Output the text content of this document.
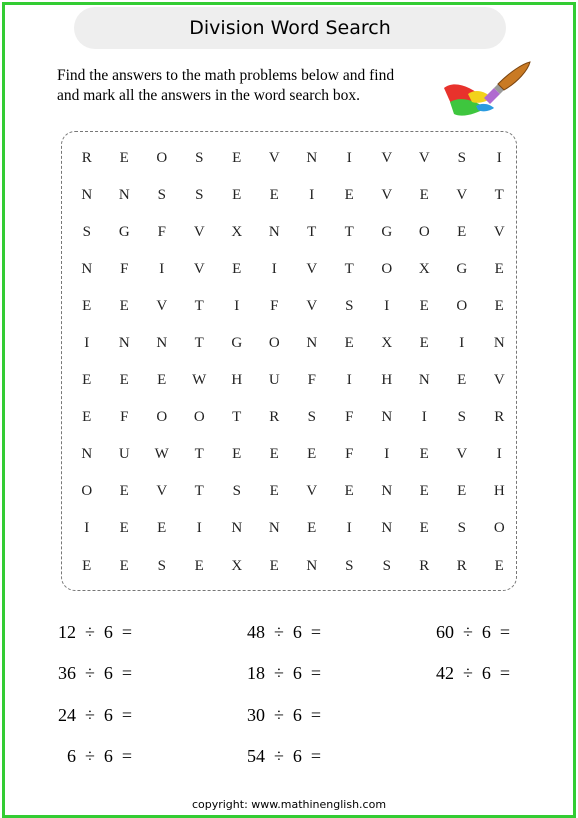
Division Word Search
Find the answers to the math problems below and find
and mark all the answers in the word search box.
R	E	O	S	E	V	N	I	V	V	S	I
N	N	S	S	E	E	I	E	V	E	V	T
S	G	F	V	X	N	T	T	G	O	E	V
N	F	I	V	E	I	V	T	O	X	G	E
E	E	V	T	I	F	V	S	I	E	O	E
I	N	N	T	G	O	N	E	X	E	I	N
E	E	E	W	H	U	F	I	H	N	E	V
E	F	O	O	T	R	S	F	N	I	S	R
N	U	W	T	E	E	E	F	I	E	V	I
O	E	V	T	S	E	V	E	N	E	E	H
I	E	E	I	N	N	E	I	N	E	S	O
E	E	S	E	X	E	N	S	S	R	R	E
12  ÷  6  =	48  ÷  6  =	60  ÷  6  =
36  ÷  6  =	18  ÷  6  =	42  ÷  6  =
24  ÷  6  =	30  ÷  6  =
6  ÷  6  =	54  ÷  6  =
copyright: www.mathinenglish.com
